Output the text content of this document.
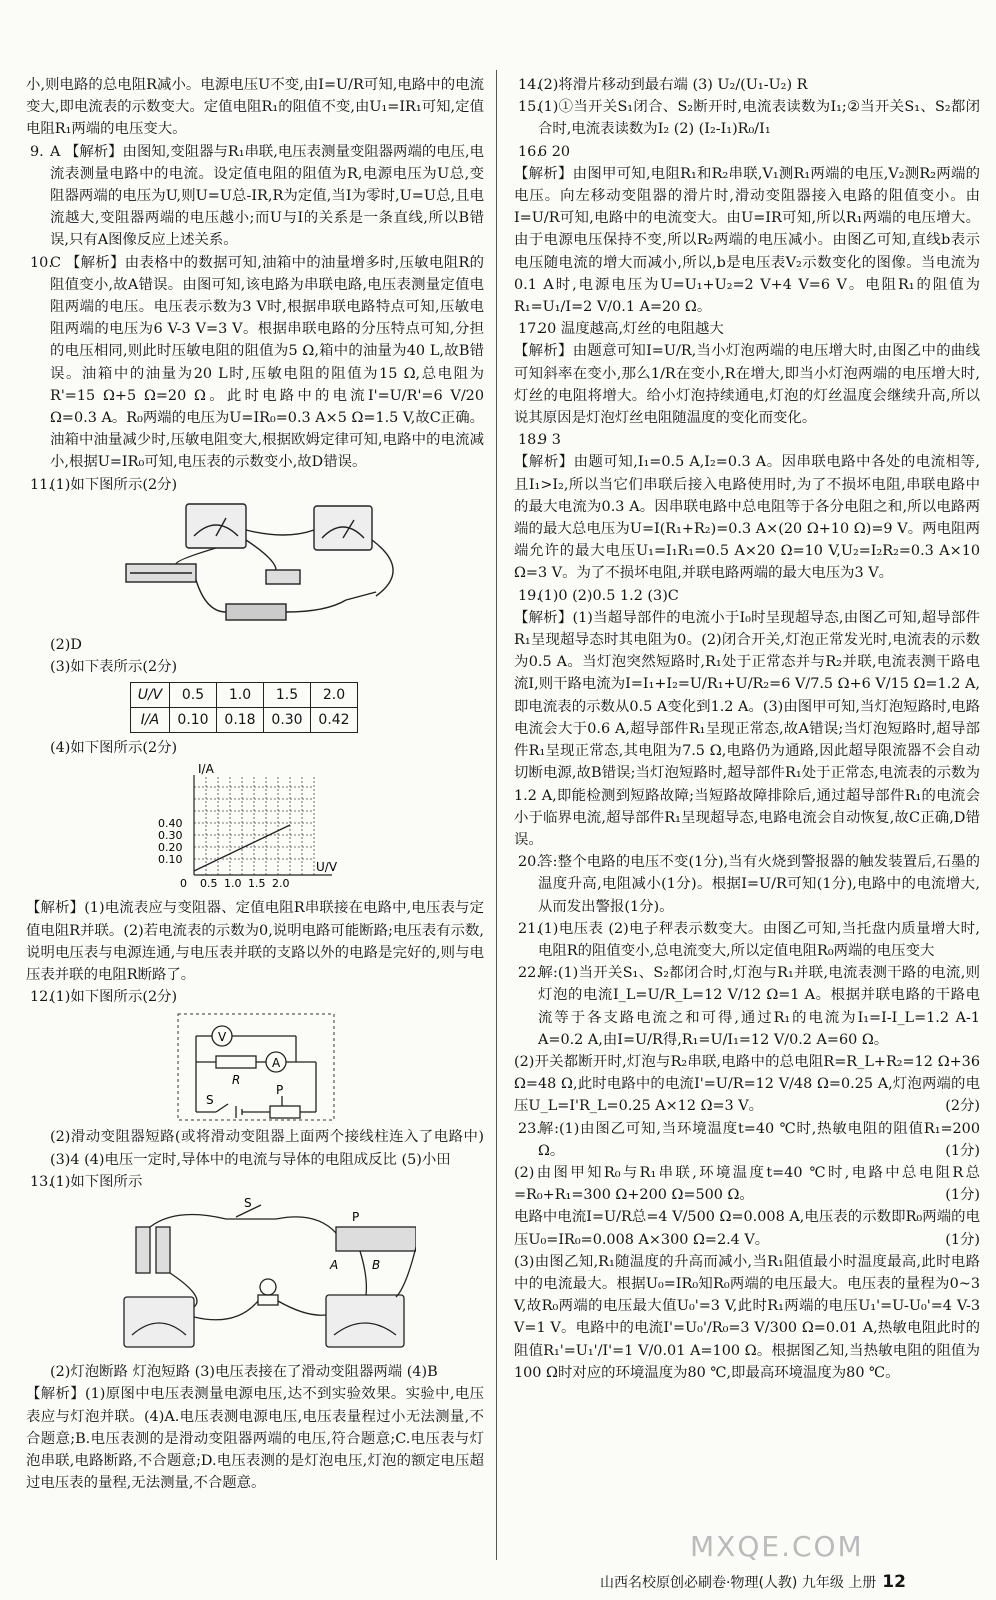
小,则电路的总电阻R减小。电源电压U不变,由I=U/R可知,电路中的电流变大,即电流表的示数变大。定值电阻R₁的阻值不变,由U₁=IR₁可知,定值电阻R₁两端的电压变大。

9. A 【解析】由图知,变阻器与R₁串联,电压表测量变阻器两端的电压,电流表测量电路中的电流。设定值电阻的阻值为R,电源电压为U总,变阻器两端的电压为U,则U=U总-IR,R为定值,当I为零时,U=U总,且电流越大,变阻器两端的电压越小;而U与I的关系是一条直线,所以B错误,只有A图像反应上述关系。

10.C 【解析】由表格中的数据可知,油箱中的油量增多时,压敏电阻R的阻值变小,故A错误。由图可知,该电路为串联电路,电压表测量定值电阻两端的电压。电压表示数为3 V时,根据串联电路特点可知,压敏电阻两端的电压为6 V-3 V=3 V。根据串联电路的分压特点可知,分担的电压相同,则此时压敏电阻的阻值为5 Ω,箱中的油量为40 L,故B错误。油箱中的油量为20 L时,压敏电阻的阻值为15 Ω,总电阻为R'=15 Ω+5 Ω=20 Ω。此时电路中的电流I'=U/R'=6 V/20 Ω=0.3 A。R₀两端的电压为U=IR₀=0.3 A×5 Ω=1.5 V,故C正确。油箱中油量减少时,压敏电阻变大,根据欧姆定律可知,电路中的电流减小,根据U=IR₀可知,电压表的示数变小,故D错误。

11.(1)如下图所示(2分)

(2)D

(3)如下表所示(2分)

U/V	0.5	1.0	1.5	2.0
I/A	0.10	0.18	0.30	0.42

(4)如下图所示(2分)

I/A
0.40
0.30
0.20
0.10
0 0.5 1.0 1.5 2.0
U/V

【解析】(1)电流表应与变阻器、定值电阻R串联接在电路中,电压表与定值电阻R并联。(2)若电流表的示数为0,说明电路可能断路;电压表有示数,说明电压表与电源连通,与电压表并联的支路以外的电路是完好的,则与电压表并联的电阻R断路了。

12.(1)如下图所示(2分)

V
A
R
S
P

(2)滑动变阻器短路(或将滑动变阻器上面两个接线柱连入了电路中) (3)4 (4)电压一定时,导体中的电流与导体的电阻成反比 (5)小田

13.(1)如下图所示

S
P
A	B

(2)灯泡断路 灯泡短路 (3)电压表接在了滑动变阻器两端 (4)B

【解析】(1)原图中电压表测量电源电压,达不到实验效果。实验中,电压表应与灯泡并联。(4)A.电压表测电源电压,电压表量程过小无法测量,不合题意;B.电压表测的是滑动变阻器两端的电压,符合题意;C.电压表与灯泡串联,电路断路,不合题意;D.电压表测的是灯泡电压,灯泡的额定电压超过电压表的量程,无法测量,不合题意。

14.(2)将滑片移动到最右端 (3) U₂/(U₁-U₂) R

15.(1)①当开关S₁闭合、S₂断开时,电流表读数为I₁;②当开关S₁、S₂都闭合时,电流表读数为I₂ (2) (I₂-I₁)R₀/I₁

16.6 20

【解析】由图甲可知,电阻R₁和R₂串联,V₁测R₁两端的电压,V₂测R₂两端的电压。向左移动变阻器的滑片时,滑动变阻器接入电路的阻值变小。由I=U/R可知,电路中的电流变大。由U=IR可知,所以R₁两端的电压增大。由于电源电压保持不变,所以R₂两端的电压减小。由图乙可知,直线b表示电压随电流的增大而减小,所以,b是电压表V₂示数变化的图像。当电流为0.1 A时,电源电压为U=U₁+U₂=2 V+4 V=6 V。电阻R₁的阻值为R₁=U₁/I=2 V/0.1 A=20 Ω。

17.20 温度越高,灯丝的电阻越大

【解析】由题意可知I=U/R,当小灯泡两端的电压增大时,由图乙中的曲线可知斜率在变小,那么1/R在变小,R在增大,即当小灯泡两端的电压增大时,灯丝的电阻将增大。给小灯泡持续通电,灯泡的灯丝温度会继续升高,所以说其原因是灯泡灯丝电阻随温度的变化而变化。

18.9 3

【解析】由题可知,I₁=0.5 A,I₂=0.3 A。因串联电路中各处的电流相等,且I₁>I₂,所以当它们串联后接入电路使用时,为了不损坏电阻,串联电路中的最大电流为0.3 A。因串联电路中总电阻等于各分电阻之和,所以电路两端的最大总电压为U=I(R₁+R₂)=0.3 A×(20 Ω+10 Ω)=9 V。两电阻两端允许的最大电压U₁=I₁R₁=0.5 A×20 Ω=10 V,U₂=I₂R₂=0.3 A×10 Ω=3 V。为了不损坏电阻,并联电路两端的最大电压为3 V。

19.(1)0 (2)0.5 1.2 (3)C

【解析】(1)当超导部件的电流小于I₀时呈现超导态,由图乙可知,超导部件R₁呈现超导态时其电阻为0。(2)闭合开关,灯泡正常发光时,电流表的示数为0.5 A。当灯泡突然短路时,R₁处于正常态并与R₂并联,电流表测干路电流I,则干路电流为I=I₁+I₂=U/R₁+U/R₂=6 V/7.5 Ω+6 V/15 Ω=1.2 A,即电流表的示数从0.5 A变化到1.2 A。(3)由图甲可知,当灯泡短路时,电路电流会大于0.6 A,超导部件R₁呈现正常态,故A错误;当灯泡短路时,超导部件R₁呈现正常态,其电阻为7.5 Ω,电路仍为通路,因此超导限流器不会自动切断电源,故B错误;当灯泡短路时,超导部件R₁处于正常态,电流表的示数为1.2 A,即能检测到短路故障;当短路故障排除后,通过超导部件R₁的电流会小于临界电流,超导部件R₁呈现超导态,电路电流会自动恢复,故C正确,D错误。

20.答:整个电路的电压不变(1分),当有火烧到警报器的触发装置后,石墨的温度升高,电阻减小(1分)。根据I=U/R可知(1分),电路中的电流增大,从而发出警报(1分)。

21.(1)电压表 (2)电子秤表示数变大。由图乙可知,当托盘内质量增大时,电阻R的阻值变小,总电流变大,所以定值电阻R₀两端的电压变大

22.解:(1)当开关S₁、S₂都闭合时,灯泡与R₁并联,电流表测干路的电流,则灯泡的电流I_L=U/R_L=12 V/12 Ω=1 A。根据并联电路的干路电流等于各支路电流之和可得,通过R₁的电流为I₁=I-I_L=1.2 A-1 A=0.2 A,由I=U/R得,R₁=U/I₁=12 V/0.2 A=60 Ω。

(2)开关都断开时,灯泡与R₂串联,电路中的总电阻R=R_L+R₂=12 Ω+36 Ω=48 Ω,此时电路中的电流I'=U/R=12 V/48 Ω=0.25 A,灯泡两端的电压U_L=I'R_L=0.25 A×12 Ω=3 V。	(2分)

23.解:(1)由图乙可知,当环境温度t=40 ℃时,热敏电阻的阻值R₁=200 Ω。	(1分)

(2)由图甲知R₀与R₁串联,环境温度t=40 ℃时,电路中总电阻R总=R₀+R₁=300 Ω+200 Ω=500 Ω。	(1分)

电路中电流I=U/R总=4 V/500 Ω=0.008 A,电压表的示数即R₀两端的电压U₀=IR₀=0.008 A×300 Ω=2.4 V。	(1分)

(3)由图乙知,R₁随温度的升高而减小,当R₁阻值最小时温度最高,此时电路中的电流最大。根据U₀=IR₀知R₀两端的电压最大。电压表的量程为0~3 V,故R₀两端的电压最大值U₀'=3 V,此时R₁两端的电压U₁'=U-U₀'=4 V-3 V=1 V。电路中的电流I'=U₀'/R₀=3 V/300 Ω=0.01 A,热敏电阻此时的阻值R₁'=U₁'/I'=1 V/0.01 A=100 Ω。根据图乙知,当热敏电阻的阻值为100 Ω时对应的环境温度为80 ℃,即最高环境温度为80 ℃。

MXQE.COM
山西名校原创必刷卷·物理(人教) 九年级 上册 12
